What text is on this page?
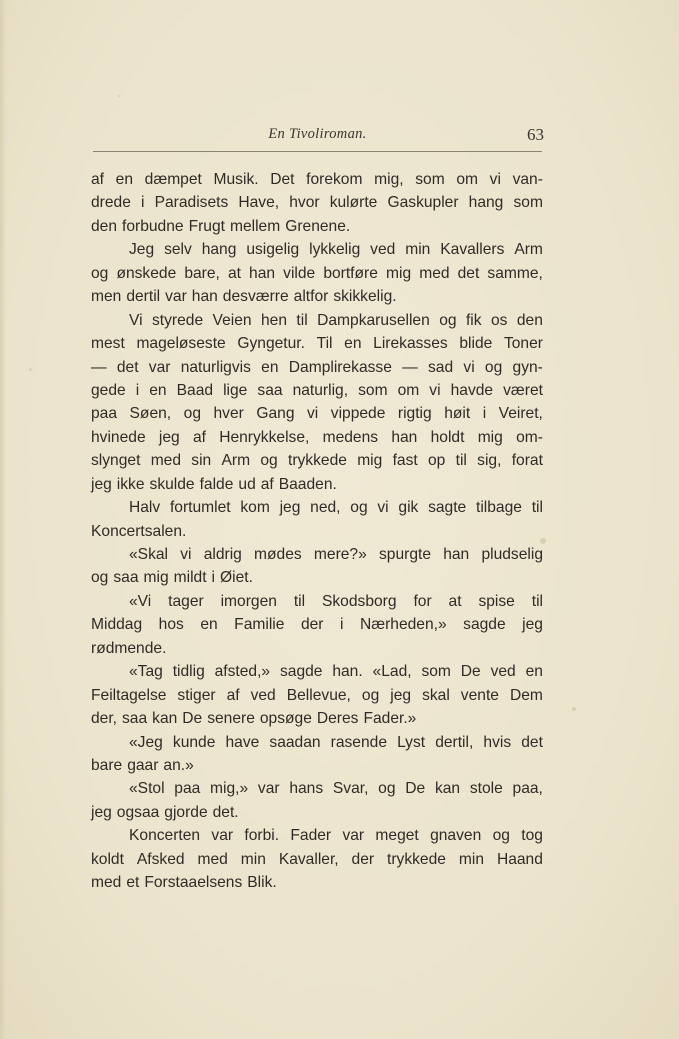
En Tivoliroman.	63
af en dæmpet Musik. Det forekom mig, som om vi van-
drede i Paradisets Have, hvor kulørte Gaskupler hang som
den forbudne Frugt mellem Grenene.
Jeg selv hang usigelig lykkelig ved min Kavallers Arm
og ønskede bare, at han vilde bortføre mig med det samme,
men dertil var han desværre altfor skikkelig.
Vi styrede Veien hen til Dampkarusellen og fik os den
mest mageløseste Gyngetur. Til en Lirekasses blide Toner
— det var naturligvis en Damplirekasse — sad vi og gyn-
gede i en Baad lige saa naturlig, som om vi havde været
paa Søen, og hver Gang vi vippede rigtig høit i Veiret,
hvinede jeg af Henrykkelse, medens han holdt mig om-
slynget med sin Arm og trykkede mig fast op til sig, forat
jeg ikke skulde falde ud af Baaden.
Halv fortumlet kom jeg ned, og vi gik sagte tilbage til
Koncertsalen.
«Skal vi aldrig mødes mere?» spurgte han pludselig
og saa mig mildt i Øiet.
«Vi tager imorgen til Skodsborg for at spise til
Middag hos en Familie der i Nærheden,» sagde jeg
rødmende.
«Tag tidlig afsted,» sagde han. «Lad, som De ved en
Feiltagelse stiger af ved Bellevue, og jeg skal vente Dem
der, saa kan De senere opsøge Deres Fader.»
«Jeg kunde have saadan rasende Lyst dertil, hvis det
bare gaar an.»
«Stol paa mig,» var hans Svar, og De kan stole paa,
jeg ogsaa gjorde det.
Koncerten var forbi. Fader var meget gnaven og tog
koldt Afsked med min Kavaller, der trykkede min Haand
med et Forstaaelsens Blik.
